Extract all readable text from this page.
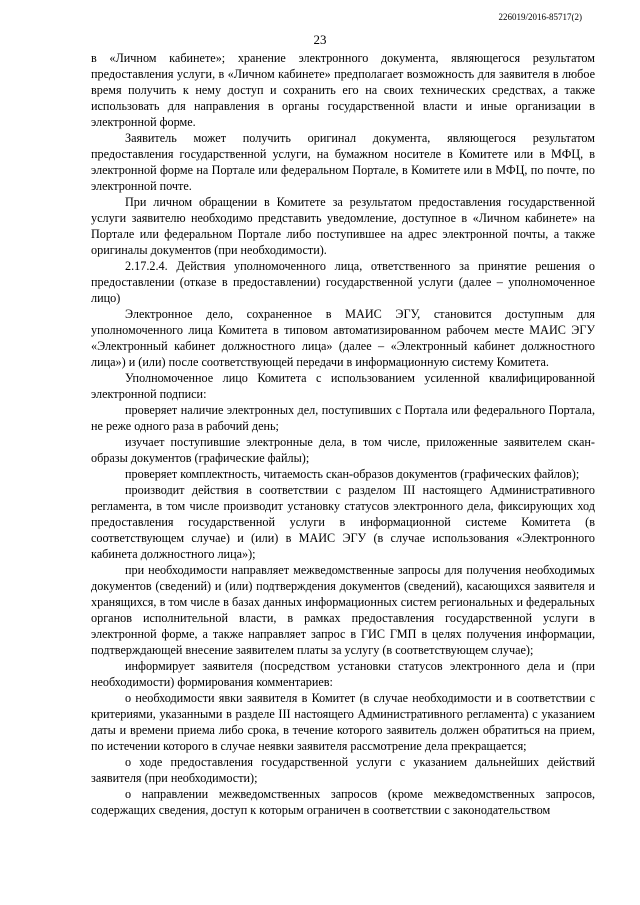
226019/2016-85717(2)
23

в «Личном кабинете»; хранение электронного документа, являющегося результатом предоставления услуги, в «Личном кабинете» предполагает возможность для заявителя в любое время получить к нему доступ и сохранить его на своих технических средствах, а также использовать для направления в органы государственной власти и иные организации в электронной форме.

Заявитель может получить оригинал документа, являющегося результатом предоставления государственной услуги, на бумажном носителе в Комитете или в МФЦ, в электронной форме на Портале или федеральном Портале, в Комитете или в МФЦ, по почте, по электронной почте.

При личном обращении в Комитете за результатом предоставления государственной услуги заявителю необходимо представить уведомление, доступное в «Личном кабинете» на Портале или федеральном Портале либо поступившее на адрес электронной почты, а также оригиналы документов (при необходимости).

2.17.2.4. Действия уполномоченного лица, ответственного за принятие решения о предоставлении (отказе в предоставлении) государственной услуги (далее – уполномоченное лицо)

Электронное дело, сохраненное в МАИС ЭГУ, становится доступным для уполномоченного лица Комитета в типовом автоматизированном рабочем месте МАИС ЭГУ «Электронный кабинет должностного лица» (далее – «Электронный кабинет должностного лица») и (или) после соответствующей передачи в информационную систему Комитета.

Уполномоченное лицо Комитета с использованием усиленной квалифицированной электронной подписи:

проверяет наличие электронных дел, поступивших с Портала или федерального Портала, не реже одного раза в рабочий день;

изучает поступившие электронные дела, в том числе, приложенные заявителем скан-образы документов (графические файлы);

проверяет комплектность, читаемость скан-образов документов (графических файлов);

производит действия в соответствии с разделом III настоящего Административного регламента, в том числе производит установку статусов электронного дела, фиксирующих ход предоставления государственной услуги в информационной системе Комитета (в соответствующем случае) и (или) в МАИС ЭГУ (в случае использования «Электронного кабинета должностного лица»);

при необходимости направляет межведомственные запросы для получения необходимых документов (сведений) и (или) подтверждения документов (сведений), касающихся заявителя и хранящихся, в том числе в базах данных информационных систем региональных и федеральных органов исполнительной власти, в рамках предоставления государственной услуги в электронной форме, а также направляет запрос в ГИС ГМП в целях получения информации, подтверждающей внесение заявителем платы за услугу (в соответствующем случае);

информирует заявителя (посредством установки статусов электронного дела и (при необходимости) формирования комментариев:

о необходимости явки заявителя в Комитет (в случае необходимости и в соответствии с критериями, указанными в разделе III настоящего Административного регламента) с указанием даты и времени приема либо срока, в течение которого заявитель должен обратиться на прием, по истечении которого в случае неявки заявителя рассмотрение дела прекращается;

о ходе предоставления государственной услуги с указанием дальнейших действий заявителя (при необходимости);

о направлении межведомственных запросов (кроме межведомственных запросов, содержащих сведения, доступ к которым ограничен в соответствии с законодательством
